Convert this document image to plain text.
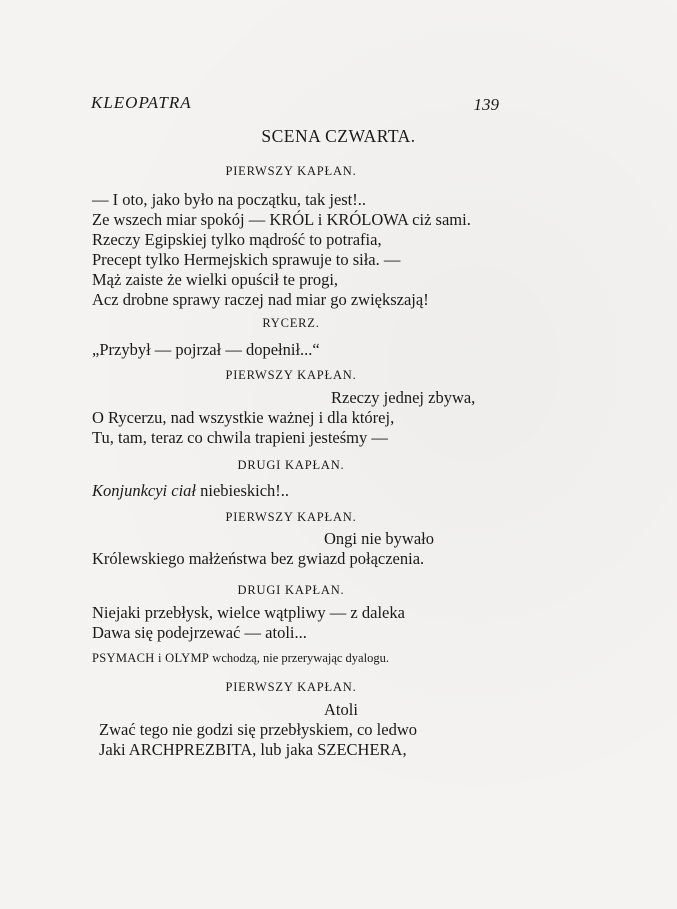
KLEOPATRA	139
SCENA CZWARTA.
PIERWSZY KAPŁAN.
— I oto, jako było na początku, tak jest!..
Ze wszech miar spokój — KRÓL i KRÓLOWA ciż sami.
Rzeczy Egipskiej tylko mądrość to potrafia,
Precept tylko Hermejskich sprawuje to siła. —
Mąż zaiste że wielki opuścił te progi,
Acz drobne sprawy raczej nad miar go zwiększają!
RYCERZ.
„Przybył — pojrzał — dopełnił...“
PIERWSZY KAPŁAN.
Rzeczy jednej zbywa,
O Rycerzu, nad wszystkie ważnej i dla której,
Tu, tam, teraz co chwila trapieni jesteśmy —
DRUGI KAPŁAN.
Konjunkcyi ciał niebieskich!..
PIERWSZY KAPŁAN.
Ongi nie bywało
Królewskiego małżeństwa bez gwiazd połączenia.
DRUGI KAPŁAN.
Niejaki przebłysk, wielce wątpliwy — z daleka
Dawa się podejrzewać — atoli...
PSYMACH i OLYMP wchodzą, nie przerywając dyalogu.
PIERWSZY KAPŁAN.
Atoli
Zwać tego nie godzi się przebłyskiem, co ledwo
Jaki ARCHPREZBITA, lub jaka SZECHERA,
